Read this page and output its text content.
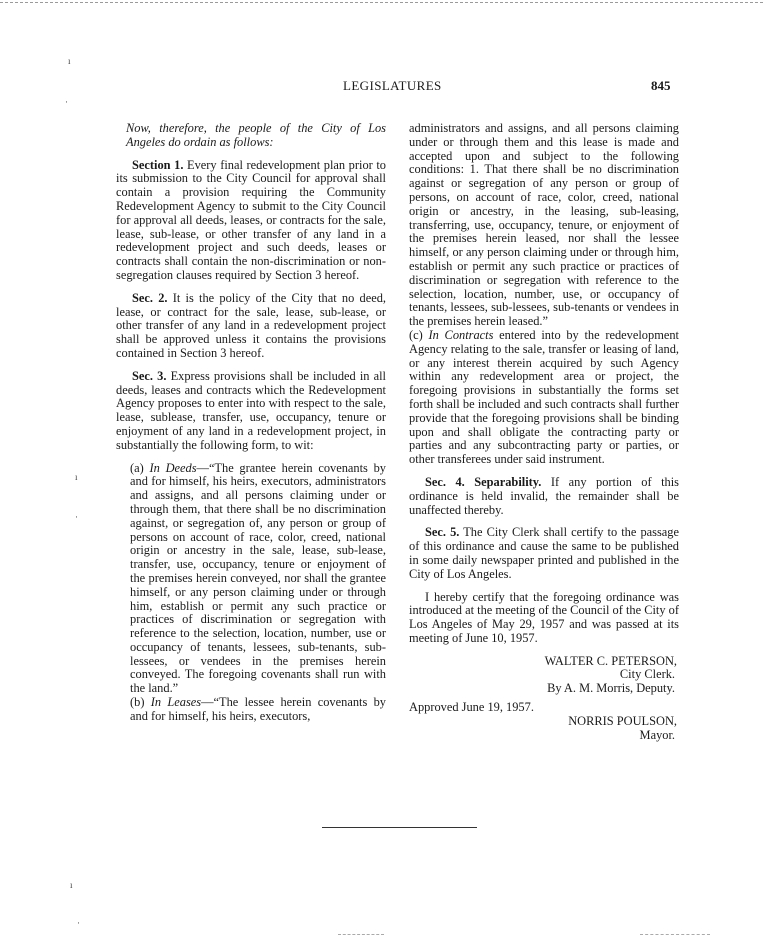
LEGISLATURES	845

Now, therefore, the people of the City of Los Angeles do ordain as follows:

Section 1. Every final redevelopment plan prior to its submission to the City Council for approval shall contain a provision requiring the Community Redevelopment Agency to submit to the City Council for approval all deeds, leases, or contracts for the sale, lease, sub-lease, or other transfer of any land in a redevelopment project and such deeds, leases or contracts shall contain the non-discrimination or non-segregation clauses required by Section 3 hereof.

Sec. 2. It is the policy of the City that no deed, lease, or contract for the sale, lease, sub-lease, or other transfer of any land in a redevelopment project shall be approved unless it contains the provisions contained in Section 3 hereof.

Sec. 3. Express provisions shall be included in all deeds, leases and contracts which the Redevelopment Agency proposes to enter into with respect to the sale, lease, sublease, transfer, use, occupancy, tenure or enjoyment of any land in a redevelopment project, in substantially the following form, to wit:

(a) In Deeds—“The grantee herein covenants by and for himself, his heirs, executors, administrators and assigns, and all persons claiming under or through them, that there shall be no discrimination against, or segregation of, any person or group of persons on account of race, color, creed, national origin or ancestry in the sale, lease, sub-lease, transfer, use, occupancy, tenure or enjoyment of the premises herein conveyed, nor shall the grantee himself, or any person claiming under or through him, establish or permit any such practice or practices of discrimination or segregation with reference to the selection, location, number, use or occupancy of tenants, lessees, sub-tenants, sub-lessees, or vendees in the premises herein conveyed. The foregoing covenants shall run with the land.”

(b) In Leases—“The lessee herein covenants by and for himself, his heirs, executors,

administrators and assigns, and all persons claiming under or through them and this lease is made and accepted upon and subject to the following conditions: 1. That there shall be no discrimination against or segregation of any person or group of persons, on account of race, color, creed, national origin or ancestry, in the leasing, sub-leasing, transferring, use, occupancy, tenure, or enjoyment of the premises herein leased, nor shall the lessee himself, or any person claiming under or through him, establish or permit any such practice or practices of discrimination or segregation with reference to the selection, location, number, use, or occupancy of tenants, lessees, sub-lessees, sub-tenants or vendees in the premises herein leased.”

(c) In Contracts entered into by the redevelopment Agency relating to the sale, transfer or leasing of land, or any interest therein acquired by such Agency within any redevelopment area or project, the foregoing provisions in substantially the forms set forth shall be included and such contracts shall further provide that the foregoing provisions shall be binding upon and shall obligate the contracting party or parties and any subcontracting party or parties, or other transferees under said instrument.

Sec. 4. Separability. If any portion of this ordinance is held invalid, the remainder shall be unaffected thereby.

Sec. 5. The City Clerk shall certify to the passage of this ordinance and cause the same to be published in some daily newspaper printed and published in the City of Los Angeles.

I hereby certify that the foregoing ordinance was introduced at the meeting of the Council of the City of Los Angeles of May 29, 1957 and was passed at its meeting of June 10, 1957.

WALTER C. PETERSON,
City Clerk.
By A. M. Morris, Deputy.
Approved June 19, 1957.
NORRIS POULSON,
Mayor.
ı
·
ı
·
ı
·
